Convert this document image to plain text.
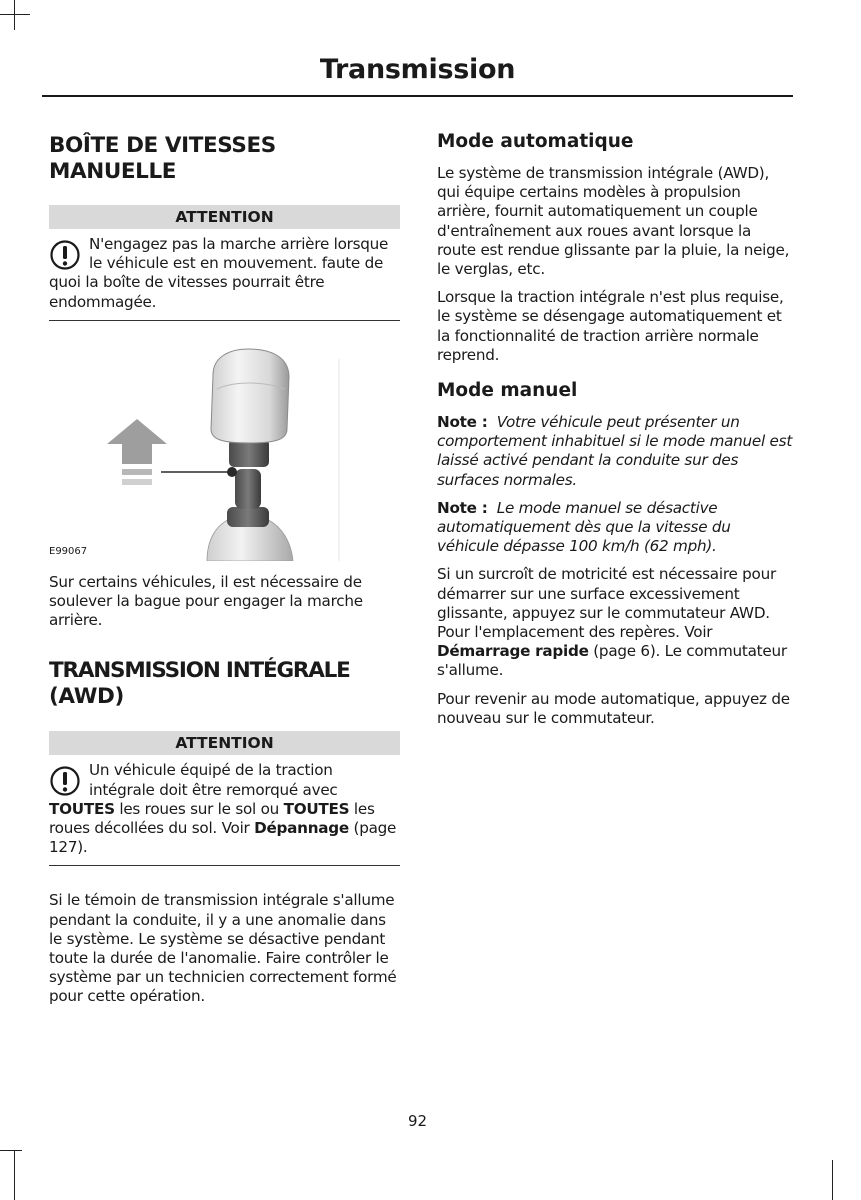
Transmission
BOÎTE DE VITESSES
MANUELLE
ATTENTION
N'engagez pas la marche arrière lorsque le véhicule est en mouvement. faute de quoi la boîte de vitesses pourrait être endommagée.
E99067

Sur certains véhicules, il est nécessaire de soulever la bague pour engager la marche arrière.

TRANSMISSION INTÉGRALE
(AWD)
ATTENTION
Un véhicule équipé de la traction intégrale doit être remorqué avec TOUTES les roues sur le sol ou TOUTES les roues décollées du sol. Voir Dépannage (page 127).

Si le témoin de transmission intégrale s'allume pendant la conduite, il y a une anomalie dans le système. Le système se désactive pendant toute la durée de l'anomalie. Faire contrôler le système par un technicien correctement formé pour cette opération.

Mode automatique

Le système de transmission intégrale (AWD), qui équipe certains modèles à propulsion arrière, fournit automatiquement un couple d'entraînement aux roues avant lorsque la route est rendue glissante par la pluie, la neige, le verglas, etc.

Lorsque la traction intégrale n'est plus requise, le système se désengage automatiquement et la fonctionnalité de traction arrière normale reprend.

Mode manuel

Note : Votre véhicule peut présenter un comportement inhabituel si le mode manuel est laissé activé pendant la conduite sur des surfaces normales.

Note : Le mode manuel se désactive automatiquement dès que la vitesse du véhicule dépasse 100 km/h (62 mph).

Si un surcroît de motricité est nécessaire pour démarrer sur une surface excessivement glissante, appuyez sur le commutateur AWD. Pour l'emplacement des repères. Voir Démarrage rapide (page 6). Le commutateur s'allume.

Pour revenir au mode automatique, appuyez de nouveau sur le commutateur.

92
